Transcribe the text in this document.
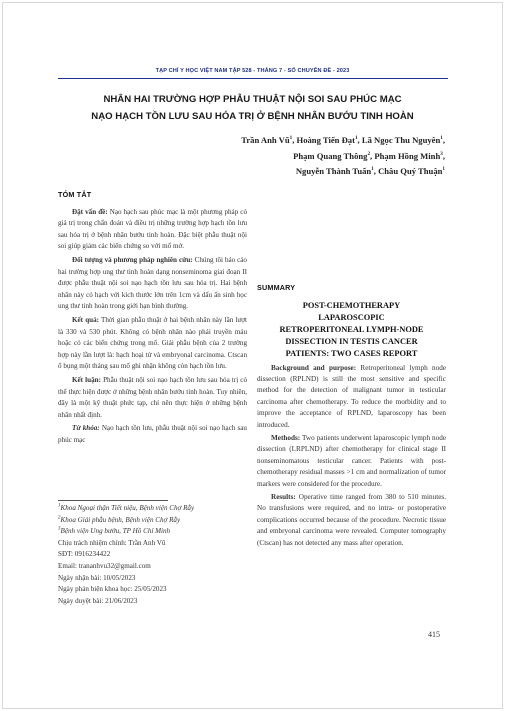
TẠP CHÍ Y HỌC VIỆT NAM TẬP 528 - THÁNG 7 - SỐ CHUYÊN ĐỀ - 2023
NHÂN HAI TRƯỜNG HỢP PHẪU THUẬT NỘI SOI SAU PHÚC MẠC
NẠO HẠCH TỒN LƯU SAU HÓA TRỊ Ở BỆNH NHÂN BƯỚU TINH HOÀN
Trần Anh $Vũ^1$, Hoàng Tiến Đạt$^1$, Lã Ngọc Thu Nguyên$^1$,
Phạm Quang Thông$^2$, Phạm Hồng Minh$^3$,
Nguyễn Thành Tuấn$^1$, Châu Quý Thuận$^1$
TÓM TẮT

Đặt vấn đề: Nạo hạch sau phúc mạc là một phương pháp có giá trị trong chẩn đoán và điều trị những trường hợp hạch tồn lưu sau hóa trị ở bệnh nhân bướu tinh hoàn. Đặc biệt phẫu thuật nội soi giúp giảm các biến chứng so với mổ mở.

Đối tượng và phương pháp nghiên cứu: Chúng tôi báo cáo hai trường hợp ung thư tinh hoàn dạng nonseminoma giai đoạn II được phẫu thuật nội soi nạo hạch tồn lưu sau hóa trị. Hai bệnh nhân này có hạch với kích thước lớn trên 1cm và dấu ấn sinh học ung thư tinh hoàn trong giới hạn bình thường.

Kết quả: Thời gian phẫu thuật ở hai bệnh nhân này lần lượt là 330 và 530 phút. Không có bệnh nhân nào phải truyền máu hoặc có các biến chứng trong mổ. Giải phẫu bệnh của 2 trường hợp này lần lượt là: hạch hoại tử và embryonal carcinoma. Ctscan ổ bụng một tháng sau mổ ghi nhận không còn hạch tồn lưu.

Kết luận: Phẫu thuật nội soi nạo hạch tồn lưu sau hóa trị có thể thực hiện được ở những bệnh nhân bướu tinh hoàn. Tuy nhiên, đây là một kỹ thuật phức tạp, chỉ nên thực hiện ở những bệnh nhân nhất định.

Từ khóa: Nạo hạch tồn lưu, phẫu thuật nội soi nạo hạch sau phúc mạc

$^1$Khoa Ngoại thận Tiết niệu, Bệnh viện Chợ Rẫy
$^2$Khoa Giải phẫu bệnh, Bệnh viện Chợ Rẫy
$^3$Bệnh viện Ung bướu, TP Hồ Chí Minh
Chịu trách nhiệm chính: Trần Anh Vũ
SĐT: 0916234422
Email: trananhvu32@gmail.com
Ngày nhận bài: 10/05/2023
Ngày phản biện khoa học: 25/05/2023
Ngày duyệt bài: 21/06/2023
SUMMARY
POST-CHEMOTHERAPY
LAPAROSCOPIC
RETROPERITONEAL LYMPH-NODE
DISSECTION IN TESTIS CANCER
PATIENTS: TWO CASES REPORT

Background and purpose: Retroperitoneal lymph node dissection (RPLND) is still the most sensitive and specific method for the detection of malignant tumor in testicular carcinoma after chemotherapy. To reduce the morbidity and to improve the acceptance of RPLND, laparoscopy has been introduced.

Methods: Two patients underwent laparoscopic lymph node dissection (LRPLND) after chemotherapy for clinical stage II nonseminomatous testicular cancer. Patients with post-chemotherapy residual masses >1 cm and normalization of tumor markers were considered for the procedure.

Results: Operative time ranged from 380 to 510 minutes. No transfusions were required, and no intra- or postoperative complications occurred because of the procedure. Necrotic tissue and embryonal carcinoma were revealed. Computer tomography (Ctscan) has not detected any mass after operation.

415
